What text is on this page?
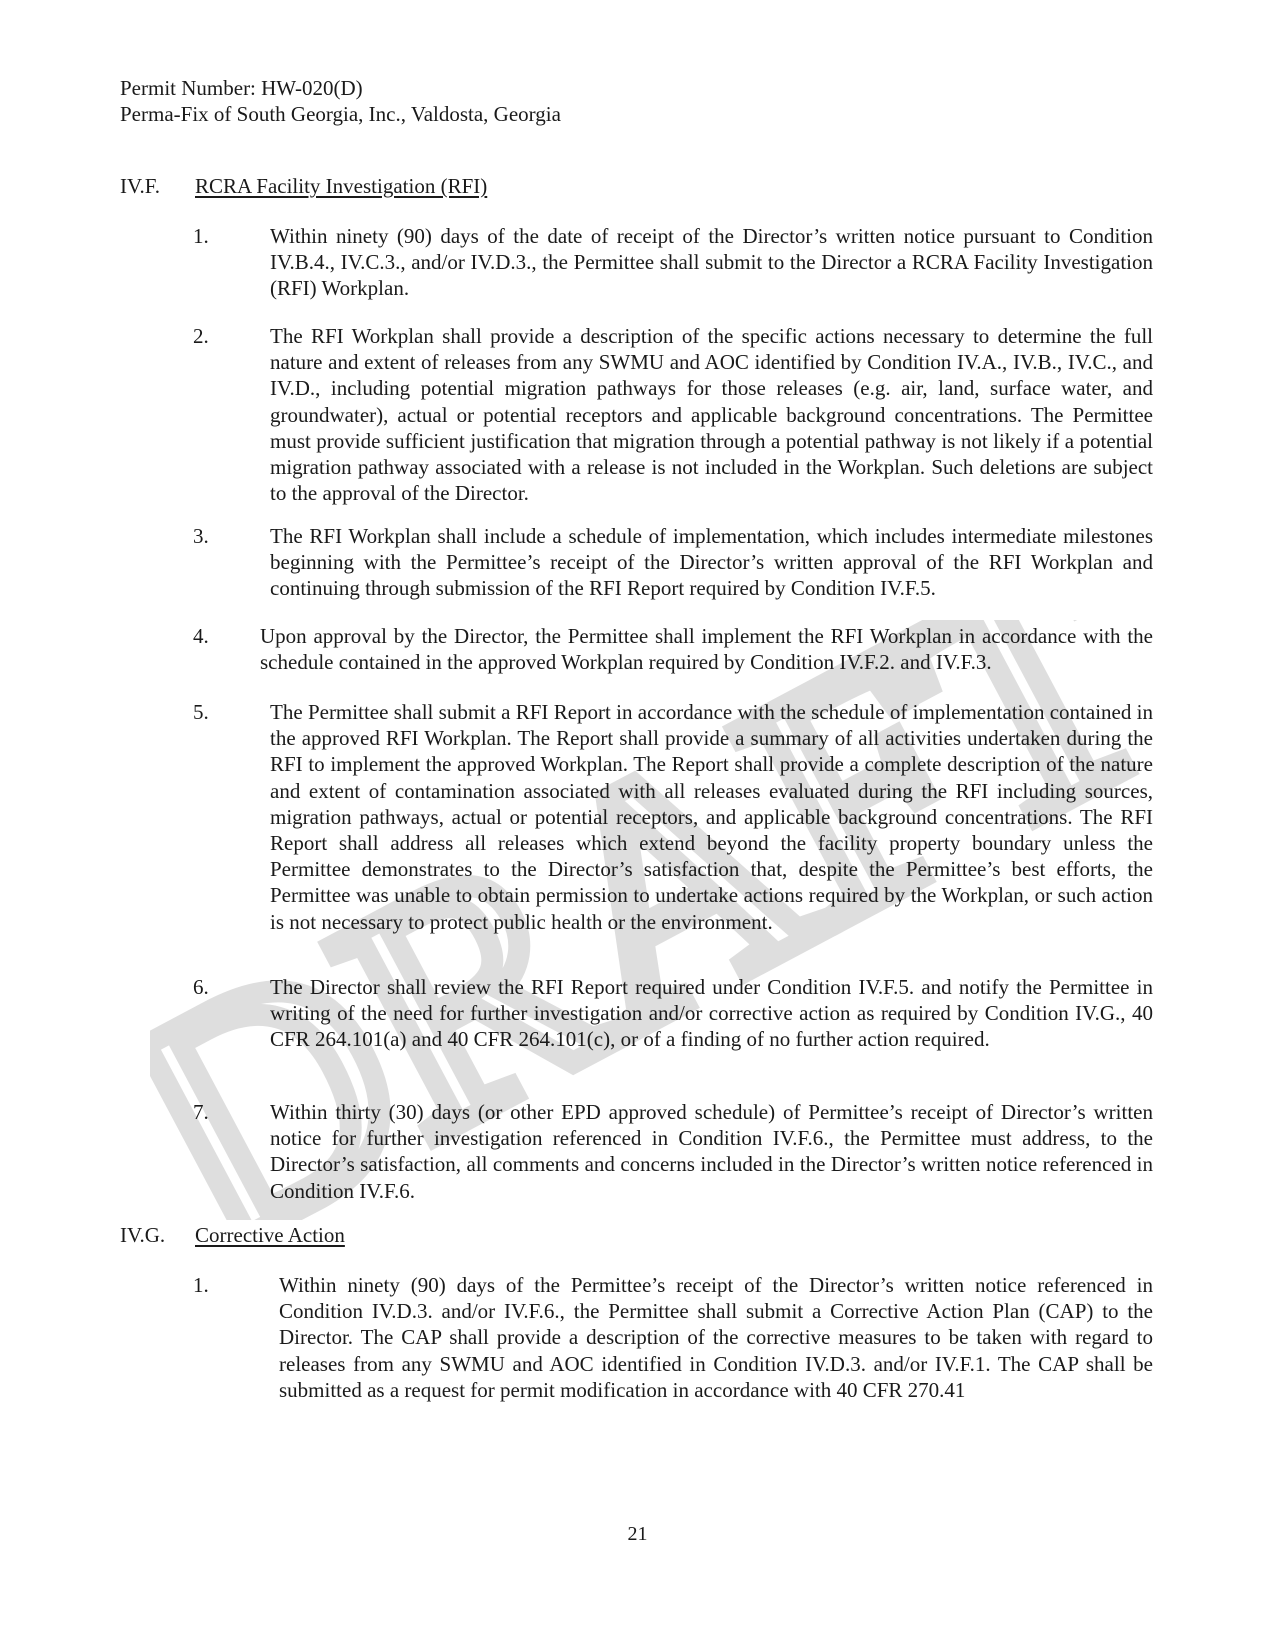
DRAFT
Permit Number: HW-020(D)
Perma-Fix of South Georgia, Inc., Valdosta, Georgia
IV.F. RCRA Facility Investigation (RFI)
1.	Within ninety (90) days of the date of receipt of the Director’s written notice pursuant to Condition IV.B.4., IV.C.3., and/or IV.D.3., the Permittee shall submit to the Director a RCRA Facility Investigation (RFI) Workplan.
2.	The RFI Workplan shall provide a description of the specific actions necessary to determine the full nature and extent of releases from any SWMU and AOC identified by Condition IV.A., IV.B., IV.C., and IV.D., including potential migration pathways for those releases (e.g. air, land, surface water, and groundwater), actual or potential receptors and applicable background concentrations. The Permittee must provide sufficient justification that migration through a potential pathway is not likely if a potential migration pathway associated with a release is not included in the Workplan. Such deletions are subject to the approval of the Director.
3.	The RFI Workplan shall include a schedule of implementation, which includes intermediate milestones beginning with the Permittee’s receipt of the Director’s written approval of the RFI Workplan and continuing through submission of the RFI Report required by Condition IV.F.5.
4. Upon approval by the Director, the Permittee shall implement the RFI Workplan in accordance with the schedule contained in the approved Workplan required by Condition IV.F.2. and IV.F.3.
5.	The Permittee shall submit a RFI Report in accordance with the schedule of implementation contained in the approved RFI Workplan. The Report shall provide a summary of all activities undertaken during the RFI to implement the approved Workplan. The Report shall provide a complete description of the nature and extent of contamination associated with all releases evaluated during the RFI including sources, migration pathways, actual or potential receptors, and applicable background concentrations. The RFI Report shall address all releases which extend beyond the facility property boundary unless the Permittee demonstrates to the Director’s satisfaction that, despite the Permittee’s best efforts, the Permittee was unable to obtain permission to undertake actions required by the Workplan, or such action is not necessary to protect public health or the environment.
6.	The Director shall review the RFI Report required under Condition IV.F.5. and notify the Permittee in writing of the need for further investigation and/or corrective action as required by Condition IV.G., 40 CFR 264.101(a) and 40 CFR 264.101(c), or of a finding of no further action required.
7.	Within thirty (30) days (or other EPD approved schedule) of Permittee’s receipt of Director’s written notice for further investigation referenced in Condition IV.F.6., the Permittee must address, to the Director’s satisfaction, all comments and concerns included in the Director’s written notice referenced in Condition IV.F.6.
IV.G. Corrective Action
1.	Within ninety (90) days of the Permittee’s receipt of the Director’s written notice referenced in Condition IV.D.3. and/or IV.F.6., the Permittee shall submit a Corrective Action Plan (CAP) to the Director. The CAP shall provide a description of the corrective measures to be taken with regard to releases from any SWMU and AOC identified in Condition IV.D.3. and/or IV.F.1. The CAP shall be submitted as a request for permit modification in accordance with 40 CFR 270.41
21
